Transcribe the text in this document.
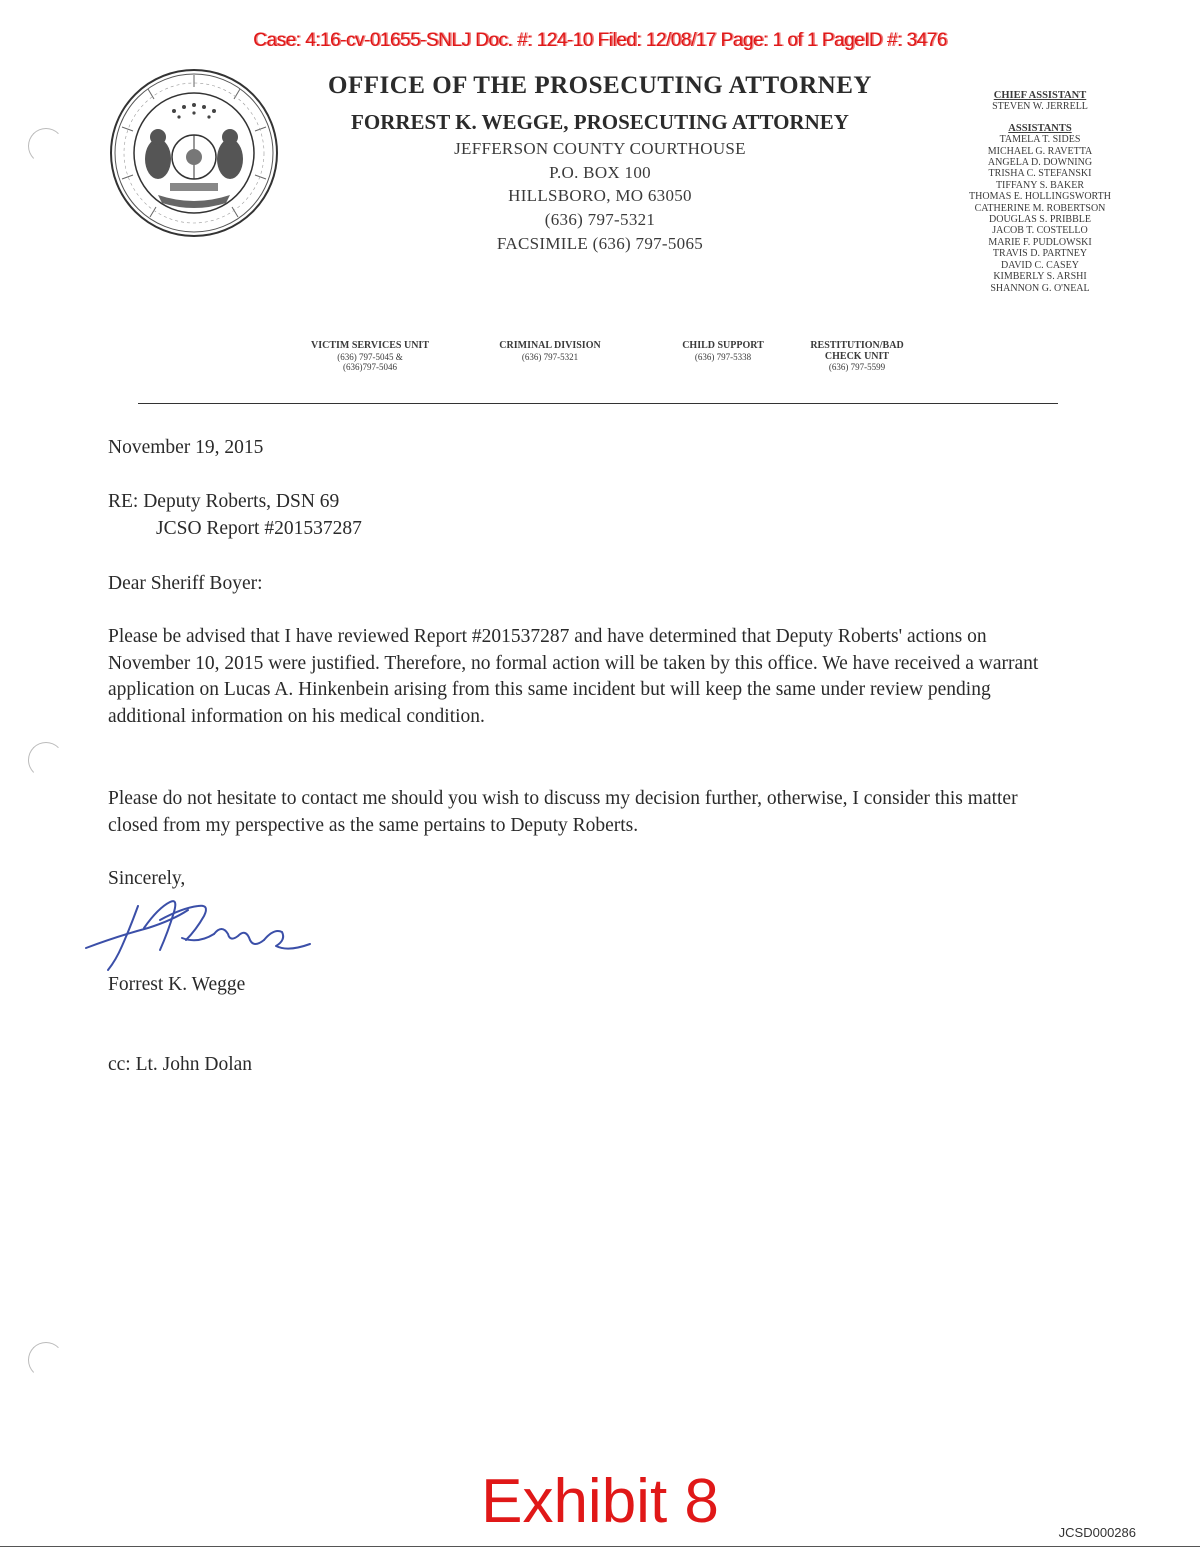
Case: 4:16-cv-01655-SNLJ Doc. #: 124-10 Filed: 12/08/17 Page: 1 of 1 PageID #: 3476
OFFICE OF THE PROSECUTING ATTORNEY
FORREST K. WEGGE, PROSECUTING ATTORNEY
JEFFERSON COUNTY COURTHOUSE
P.O. BOX 100
HILLSBORO, MO 63050
(636) 797-5321
FACSIMILE (636) 797-5065
CHIEF ASSISTANT
STEVEN W. JERRELL
ASSISTANTS
TAMELA T. SIDES
MICHAEL G. RAVETTA
ANGELA D. DOWNING
TRISHA C. STEFANSKI
TIFFANY S. BAKER
THOMAS E. HOLLINGSWORTH
CATHERINE M. ROBERTSON
DOUGLAS S. PRIBBLE
JACOB T. COSTELLO
MARIE F. PUDLOWSKI
TRAVIS D. PARTNEY
DAVID C. CASEY
KIMBERLY S. ARSHI
SHANNON G. O'NEAL
VICTIM SERVICES UNIT
(636) 797-5045 &
(636)797-5046
CRIMINAL DIVISION
(636) 797-5321
CHILD SUPPORT
(636) 797-5338
RESTITUTION/BAD
CHECK UNIT
(636) 797-5599
November 19, 2015
RE: Deputy Roberts, DSN 69
JCSO Report #201537287
Dear Sheriff Boyer:
Please be advised that I have reviewed Report #201537287 and have determined that Deputy Roberts' actions on November 10, 2015 were justified. Therefore, no formal action will be taken by this office. We have received a warrant application on Lucas A. Hinkenbein arising from this same incident but will keep the same under review pending additional information on his medical condition.
Please do not hesitate to contact me should you wish to discuss my decision further, otherwise, I consider this matter closed from my perspective as the same pertains to Deputy Roberts.
Sincerely,
Forrest K. Wegge
cc: Lt. John Dolan
Exhibit 8	JCSD000286
